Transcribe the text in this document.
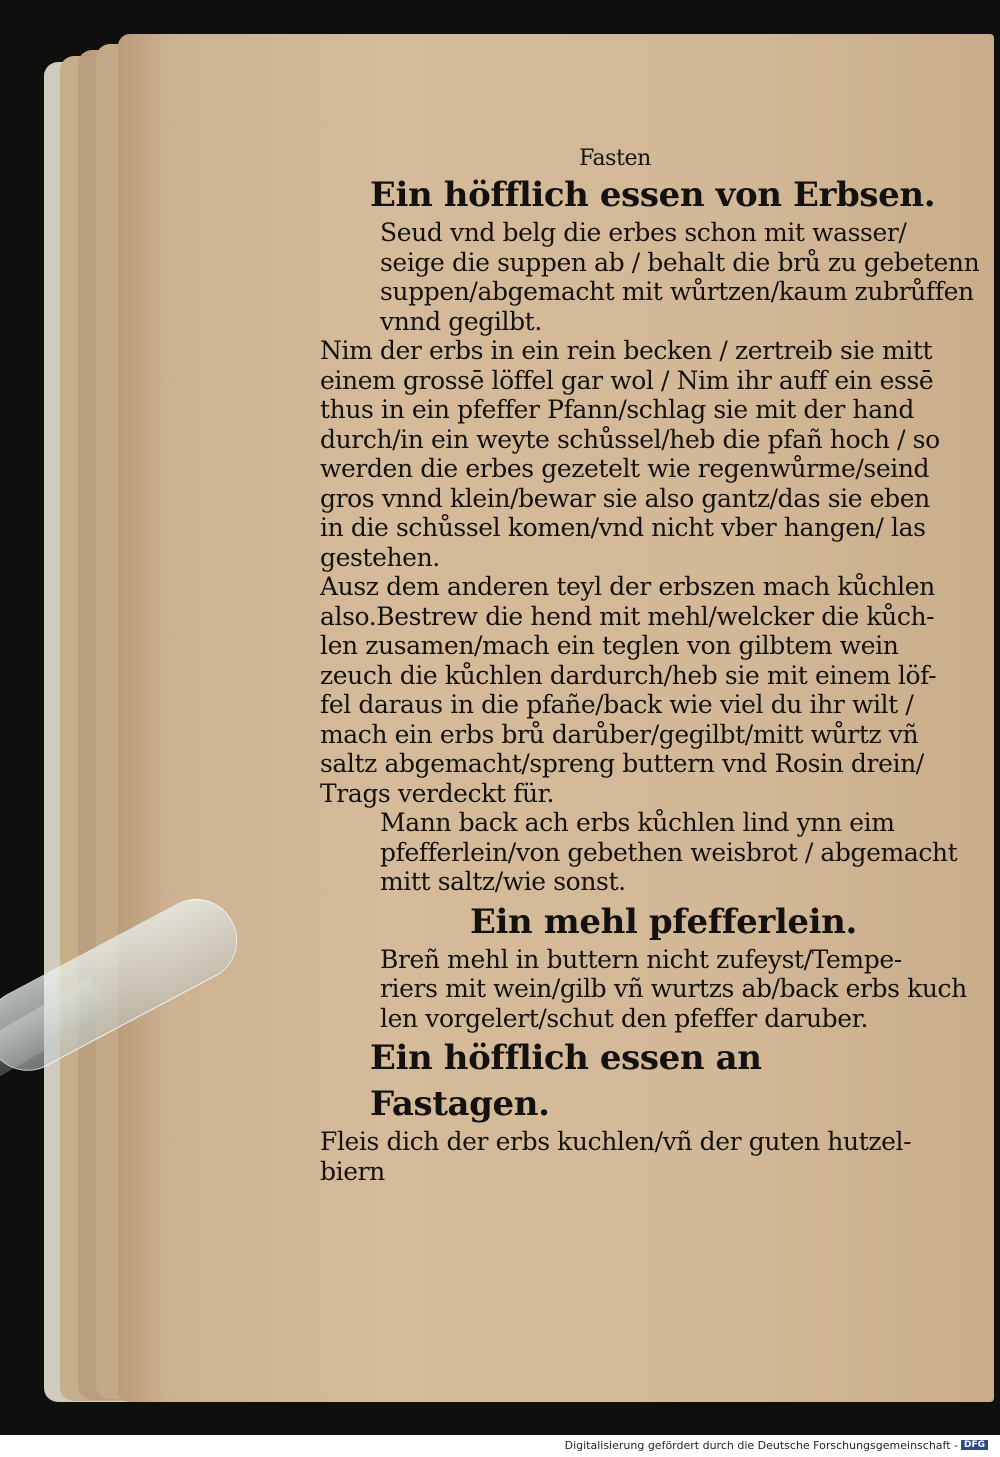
Fasten
Ein höfflich essen von Erbsen.
Seud vnd belg die erbes schon mit wasser/
seige die suppen ab / behalt die brů zu gebetenn
suppen/abgemacht mit wůrtzen/kaum zubrůffen
vnnd gegilbt.
Nim der erbs in ein rein becken / zertreib sie mitt
einem grossē löffel gar wol / Nim ihr auff ein essē
thus in ein pfeffer Pfann/schlag sie mit der hand
durch/in ein weyte schůssel/heb die pfañ hoch / so
werden die erbes gezetelt wie regenwůrme/seind
gros vnnd klein/bewar sie also gantz/das sie eben
in die schůssel komen/vnd nicht vber hangen/ las
gestehen.
Ausz dem anderen teyl der erbszen mach kůchlen
also.Bestrew die hend mit mehl/welcker die kůch-
len zusamen/mach ein teglen von gilbtem wein
zeuch die kůchlen dardurch/heb sie mit einem löf-
fel daraus in die pfañe/back wie viel du ihr wilt /
mach ein erbs brů darůber/gegilbt/mitt wůrtz vñ
saltz abgemacht/spreng buttern vnd Rosin drein/
Trags verdeckt für.
Mann back ach erbs kůchlen lind ynn eim
pfefferlein/von gebethen weisbrot / abgemacht
mitt saltz/wie sonst.
Ein mehl pfefferlein.
Breñ mehl in buttern nicht zufeyst/Tempe-
riers mit wein/gilb vñ wurtzs ab/back erbs kuch
len vorgelert/schut den pfeffer daruber.
Ein höfflich essen an Fastagen.
Fleis dich der erbs kuchlen/vñ der guten hutzel-
biern
Digitalisierung gefördert durch die Deutsche Forschungsgemeinschaft - DFG
